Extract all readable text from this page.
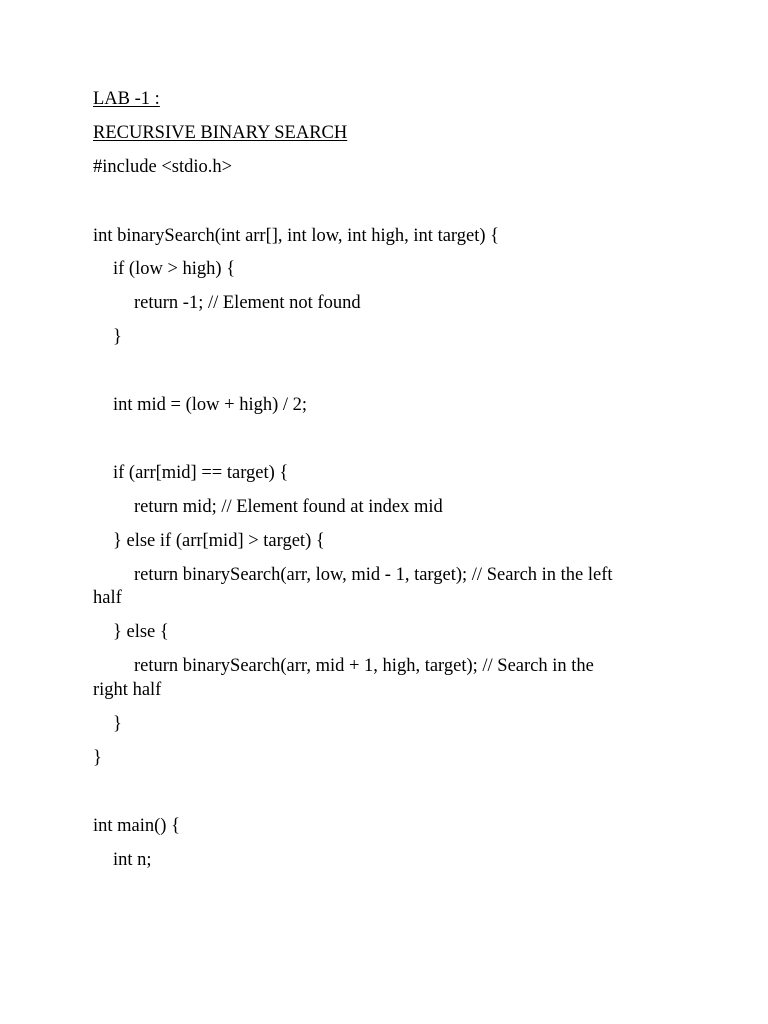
LAB -1 :
RECURSIVE BINARY SEARCH
#include <stdio.h>
int binarySearch(int arr[], int low, int high, int target) {
if (low > high) {
return -1; // Element not found
}
int mid = (low + high) / 2;
if (arr[mid] == target) {
return mid; // Element found at index mid
} else if (arr[mid] > target) {
return binarySearch(arr, low, mid - 1, target); // Search in the left
half
} else {
return binarySearch(arr, mid + 1, high, target); // Search in the
right half
}
}
int main() {
int n;
